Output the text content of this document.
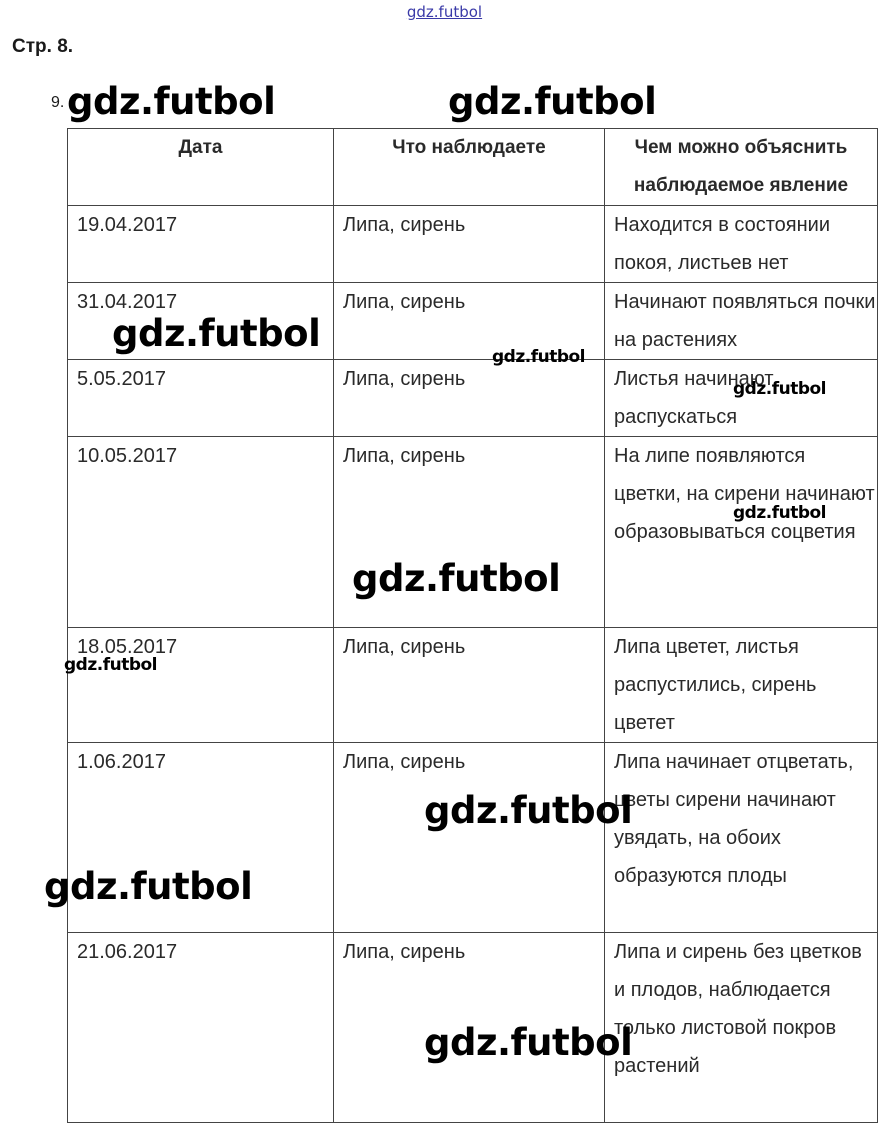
gdz.futbol
Стр. 8.
9.
Дата	Что наблюдаете	Чем можно объяснить наблюдаемое явление
19.04.2017	Липа, сирень	Находится в состоянии покоя, листьев нет
31.04.2017	Липа, сирень	Начинают появляться почки на растениях
5.05.2017	Липа, сирень	Листья начинают распускаться
10.05.2017	Липа, сирень	На липе появляются цветки, на сирени начинают образовываться соцветия
18.05.2017	Липа, сирень	Липа цветет, листья распустились, сирень цветет
1.06.2017	Липа, сирень	Липа начинает отцветать, цветы сирени начинают увядать, на обоих образуются плоды
21.06.2017	Липа, сирень	Липа и сирень без цветков и плодов, наблюдается только листовой покров растений
gdz.futbol	gdz.futbol
gdz.futbol
gdz.futbol
gdz.futbol
gdz.futbol
gdz.futbol
gdz.futbol
gdz.futbol
gdz.futbol
gdz.futbol
